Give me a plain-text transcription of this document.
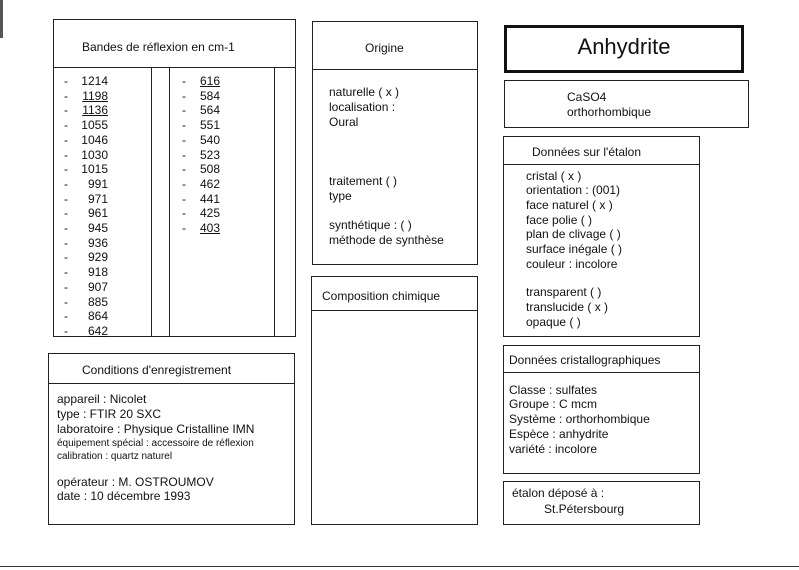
Bandes de réflexion en cm-1
-	1214
-	1198
-	1136
-	1055
-	1046
-	1030
-	1015
-	991
-	971
-	961
-	945
-	936
-	929
-	918
-	907
-	885
-	864
-	642
-	616
-	584
-	564
-	551
-	540
-	523
-	508
-	462
-	441
-	425
-	403
Conditions d'enregistrement
appareil : Nicolet
type : FTIR 20 SXC
laboratoire : Physique Cristalline IMN
équipement spécial : accessoire de réflexion
calibration : quartz naturel
opérateur : M. OSTROUMOV
date : 10 décembre 1993
Origine
naturelle ( x )
localisation :
Oural
traitement ( )
type
synthétique : ( )
méthode de synthèse
Composition chimique
Anhydrite
CaSO4
orthorhombique
Données sur l'étalon
cristal ( x )
orientation : (001)
face naturel ( x )
face polie ( )
plan de clivage ( )
surface inégale ( )
couleur : incolore
transparent ( )
translucide ( x )
opaque ( )
Données cristallographiques
Classe : sulfates
Groupe : C mcm
Système : orthorhombique
Espèce : anhydrite
variété : incolore
étalon déposé à :
St.Pétersbourg
